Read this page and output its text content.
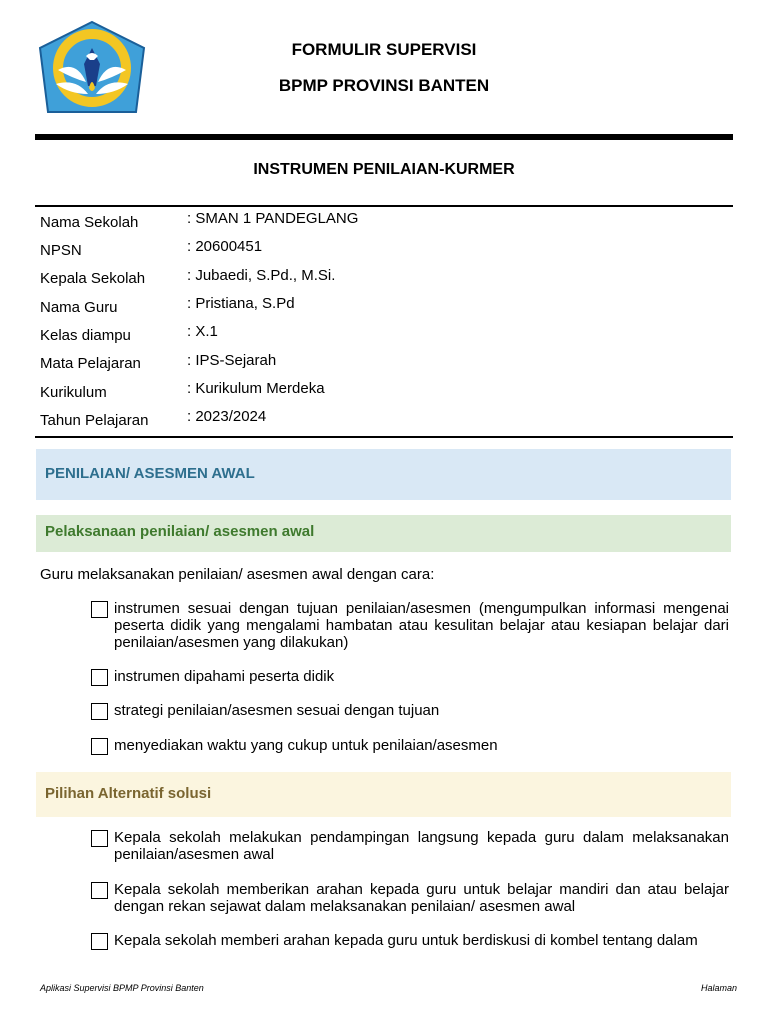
FORMULIR SUPERVISI
BPMP PROVINSI BANTEN
INSTRUMEN PENILAIAN-KURMER
Nama Sekolah	: SMAN 1 PANDEGLANG
NPSN	: 20600451
Kepala Sekolah	: Jubaedi, S.Pd., M.Si.
Nama Guru	: Pristiana, S.Pd
Kelas diampu	: X.1
Mata Pelajaran	: IPS-Sejarah
Kurikulum	: Kurikulum Merdeka
Tahun Pelajaran	: 2023/2024
PENILAIAN/ ASESMEN AWAL
Pelaksanaan penilaian/ asesmen awal
Guru melaksanakan penilaian/ asesmen awal dengan cara:
instrumen sesuai dengan tujuan penilaian/asesmen (mengumpulkan informasi mengenai peserta didik yang mengalami hambatan atau kesulitan belajar atau kesiapan belajar dari penilaian/asesmen yang dilakukan)
instrumen dipahami peserta didik
strategi penilaian/asesmen sesuai dengan tujuan
menyediakan waktu yang cukup untuk penilaian/asesmen
Pilihan Alternatif solusi
Kepala sekolah melakukan pendampingan langsung kepada guru dalam melaksanakan penilaian/asesmen awal
Kepala sekolah memberikan arahan kepada guru untuk belajar mandiri dan atau belajar dengan rekan sejawat dalam melaksanakan penilaian/ asesmen awal
Kepala sekolah memberi arahan kepada guru untuk berdiskusi di kombel tentang dalam
Aplikasi Supervisi BPMP Provinsi Banten	Halaman
